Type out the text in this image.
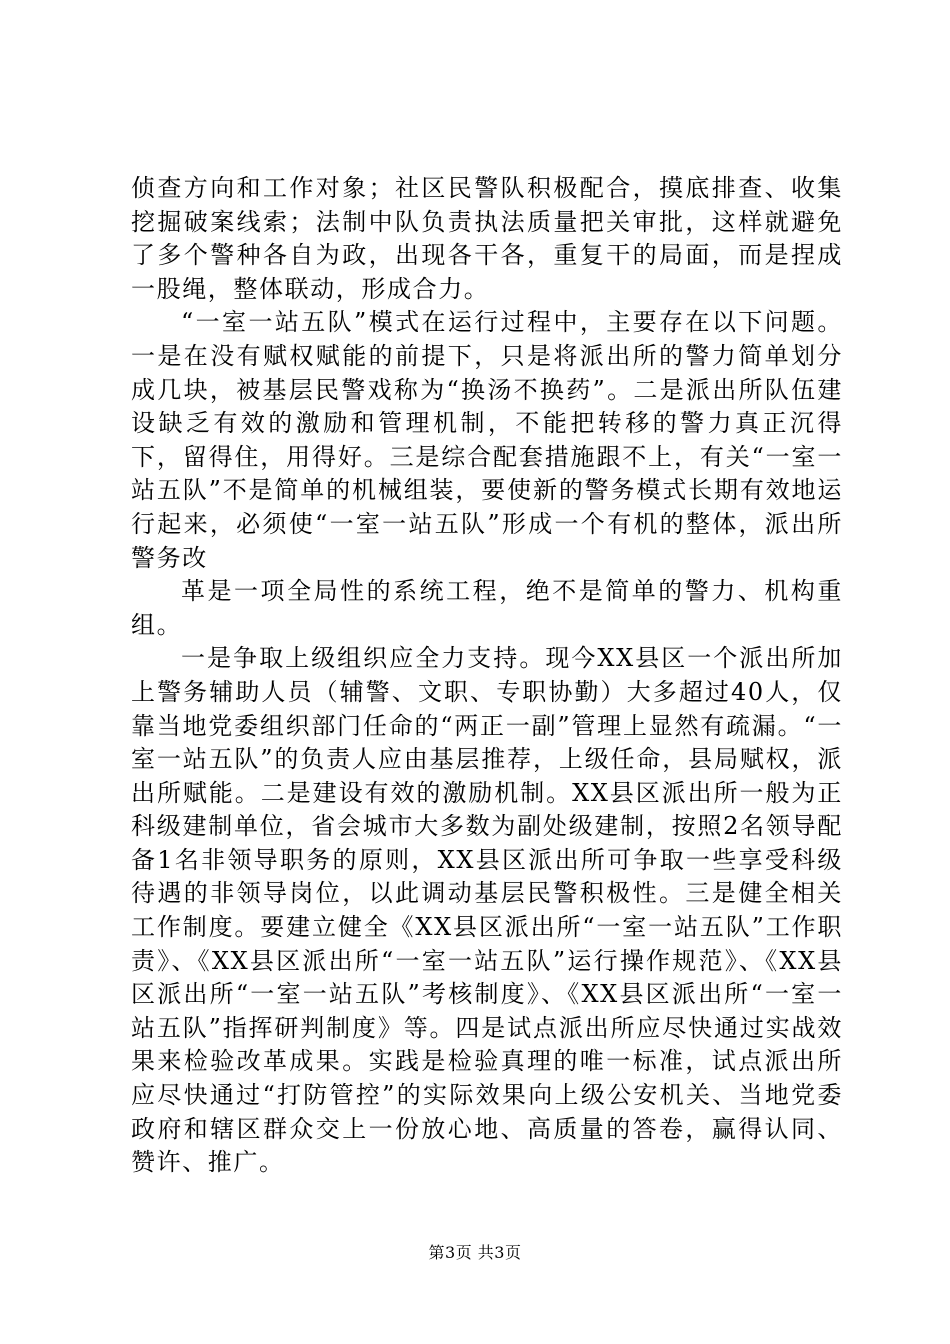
侦查方向和工作对象；社区民警队积极配合，摸底排查、收集挖掘破案线索；法制中队负责执法质量把关审批，这样就避免了多个警种各自为政，出现各干各，重复干的局面，而是捏成一股绳，整体联动，形成合力。

“一室一站五队”模式在运行过程中，主要存在以下问题。一是在没有赋权赋能的前提下，只是将派出所的警力简单划分成几块，被基层民警戏称为“换汤不换药”。二是派出所队伍建设缺乏有效的激励和管理机制，不能把转移的警力真正沉得下，留得住，用得好。三是综合配套措施跟不上，有关“一室一站五队”不是简单的机械组装，要使新的警务模式长期有效地运行起来，必须使“一室一站五队”形成一个有机的整体，派出所警务改

革是一项全局性的系统工程，绝不是简单的警力、机构重组。

一是争取上级组织应全力支持。现今XX县区一个派出所加上警务辅助人员（辅警、文职、专职协勤）大多超过40人，仅靠当地党委组织部门任命的“两正一副”管理上显然有疏漏。“一室一站五队”的负责人应由基层推荐，上级任命，县局赋权，派出所赋能。二是建设有效的激励机制。XX县区派出所一般为正科级建制单位，省会城市大多数为副处级建制，按照2名领导配备1名非领导职务的原则，XX县区派出所可争取一些享受科级待遇的非领导岗位，以此调动基层民警积极性。三是健全相关工作制度。要建立健全《XX县区派出所“一室一站五队”工作职责》、《XX县区派出所“一室一站五队”运行操作规范》、《XX县区派出所“一室一站五队”考核制度》、《XX县区派出所“一室一站五队”指挥研判制度》等。四是试点派出所应尽快通过实战效果来检验改革成果。实践是检验真理的唯一标准，试点派出所应尽快通过“打防管控”的实际效果向上级公安机关、当地党委政府和辖区群众交上一份放心地、高质量的答卷，赢得认同、赞许、推广。

第3页 共3页
